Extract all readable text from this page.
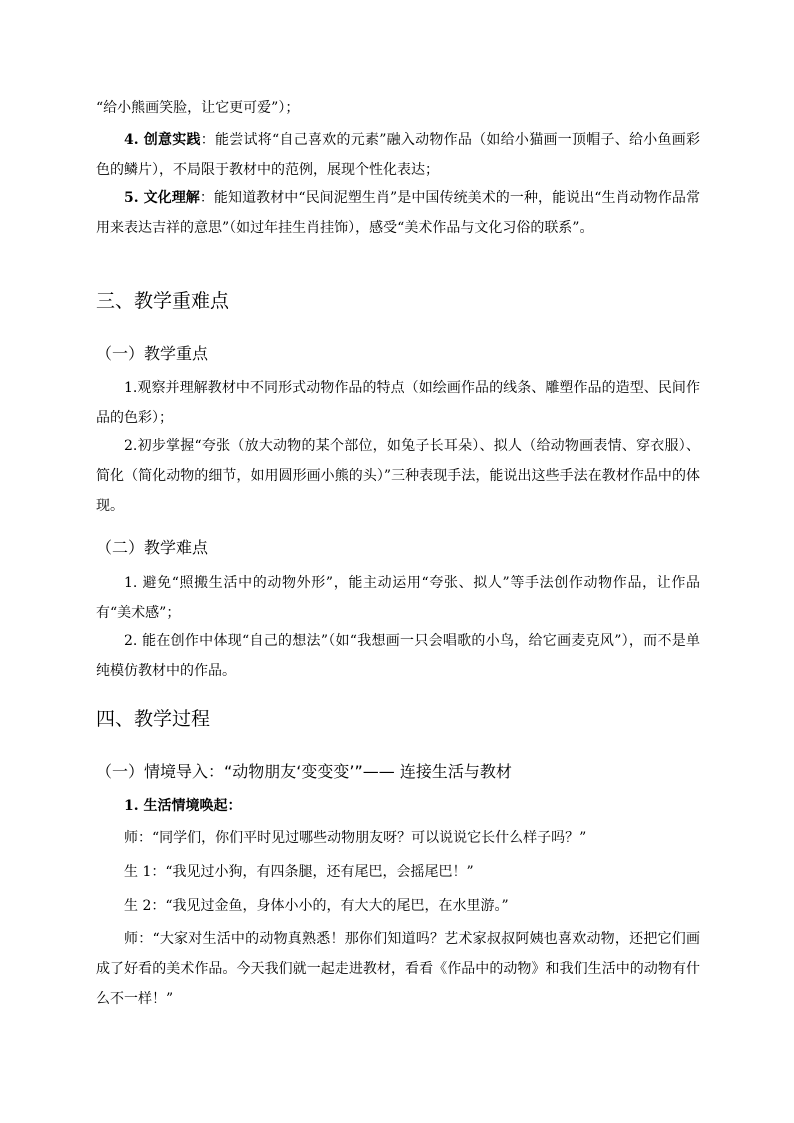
“给小熊画笑脸，让它更可爱”）；
4. 创意实践：能尝试将“自己喜欢的元素”融入动物作品（如给小猫画一顶帽子、给小鱼画彩色的鳞片），不局限于教材中的范例，展现个性化表达；
5. 文化理解：能知道教材中“民间泥塑生肖”是中国传统美术的一种，能说出“生肖动物作品常用来表达吉祥的意思”（如过年挂生肖挂饰），感受“美术作品与文化习俗的联系”。
三、教学重难点
（一）教学重点
1.观察并理解教材中不同形式动物作品的特点（如绘画作品的线条、雕塑作品的造型、民间作品的色彩）；
2.初步掌握“夸张（放大动物的某个部位，如兔子长耳朵）、拟人（给动物画表情、穿衣服）、简化（简化动物的细节，如用圆形画小熊的头）”三种表现手法，能说出这些手法在教材作品中的体现。
（二）教学难点
1. 避免“照搬生活中的动物外形”，能主动运用“夸张、拟人”等手法创作动物作品，让作品有“美术感”；
2. 能在创作中体现“自己的想法”（如“我想画一只会唱歌的小鸟，给它画麦克风”），而不是单纯模仿教材中的作品。
四、教学过程
（一）情境导入：“动物朋友‘变变变’”—— 连接生活与教材
1. 生活情境唤起：
师：“同学们，你们平时见过哪些动物朋友呀？可以说说它长什么样子吗？”
生 1：“我见过小狗，有四条腿，还有尾巴，会摇尾巴！”
生 2：“我见过金鱼，身体小小的，有大大的尾巴，在水里游。”
师：“大家对生活中的动物真熟悉！那你们知道吗？艺术家叔叔阿姨也喜欢动物，还把它们画成了好看的美术作品。今天我们就一起走进教材，看看《作品中的动物》和我们生活中的动物有什么不一样！”
